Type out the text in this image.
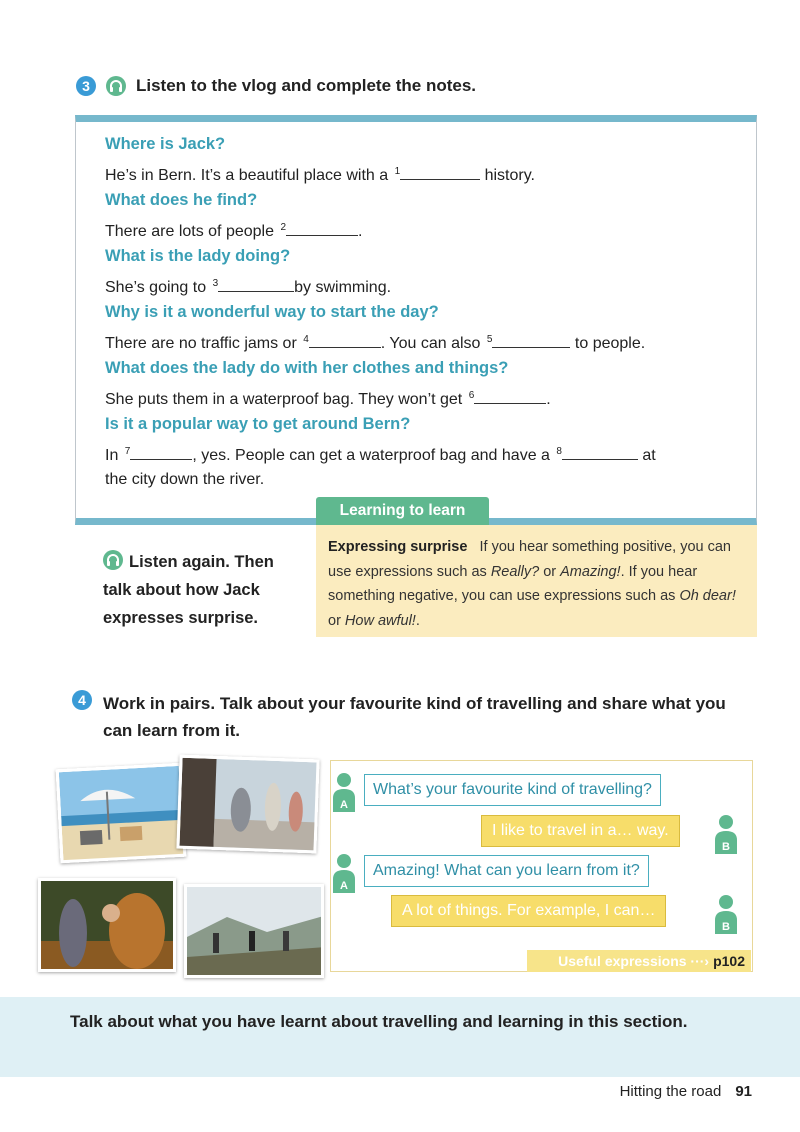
3	Listen to the vlog and complete the notes.
Where is Jack?
He’s in Bern. It’s a beautiful place with a $^1$	history.
What does he find?
There are lots of people $^2$	.
What is the lady doing?
She’s going to $^3$	by swimming.
Why is it a wonderful way to start the day?
There are no traffic jams or $^4$	. You can also $^5$	to people.
What does the lady do with her clothes and things?
She puts them in a waterproof bag. They won’t get $^6$	.
Is it a popular way to get around Bern?
In $^7$	, yes. People can get a waterproof bag and have a $^8$	at
the city down the river.
Learning to learn
Expressing surprise If you hear something positive, you can use expressions such as Really? or Amazing!. If you hear something negative, you can use expressions such as Oh dear! or How awful!.
Listen again. Then talk about how Jack expresses surprise.
4	Work in pairs. Talk about your favourite kind of travelling and share what you can learn from it.
A
What’s your favourite kind of travelling?
I like to travel in a… way.
B
A
Amazing! What can you learn from it?
A lot of things. For example, I can…
B
Useful expressions ···› p102
Talk about what you have learnt about travelling and learning in this section.
Hitting the road 91
